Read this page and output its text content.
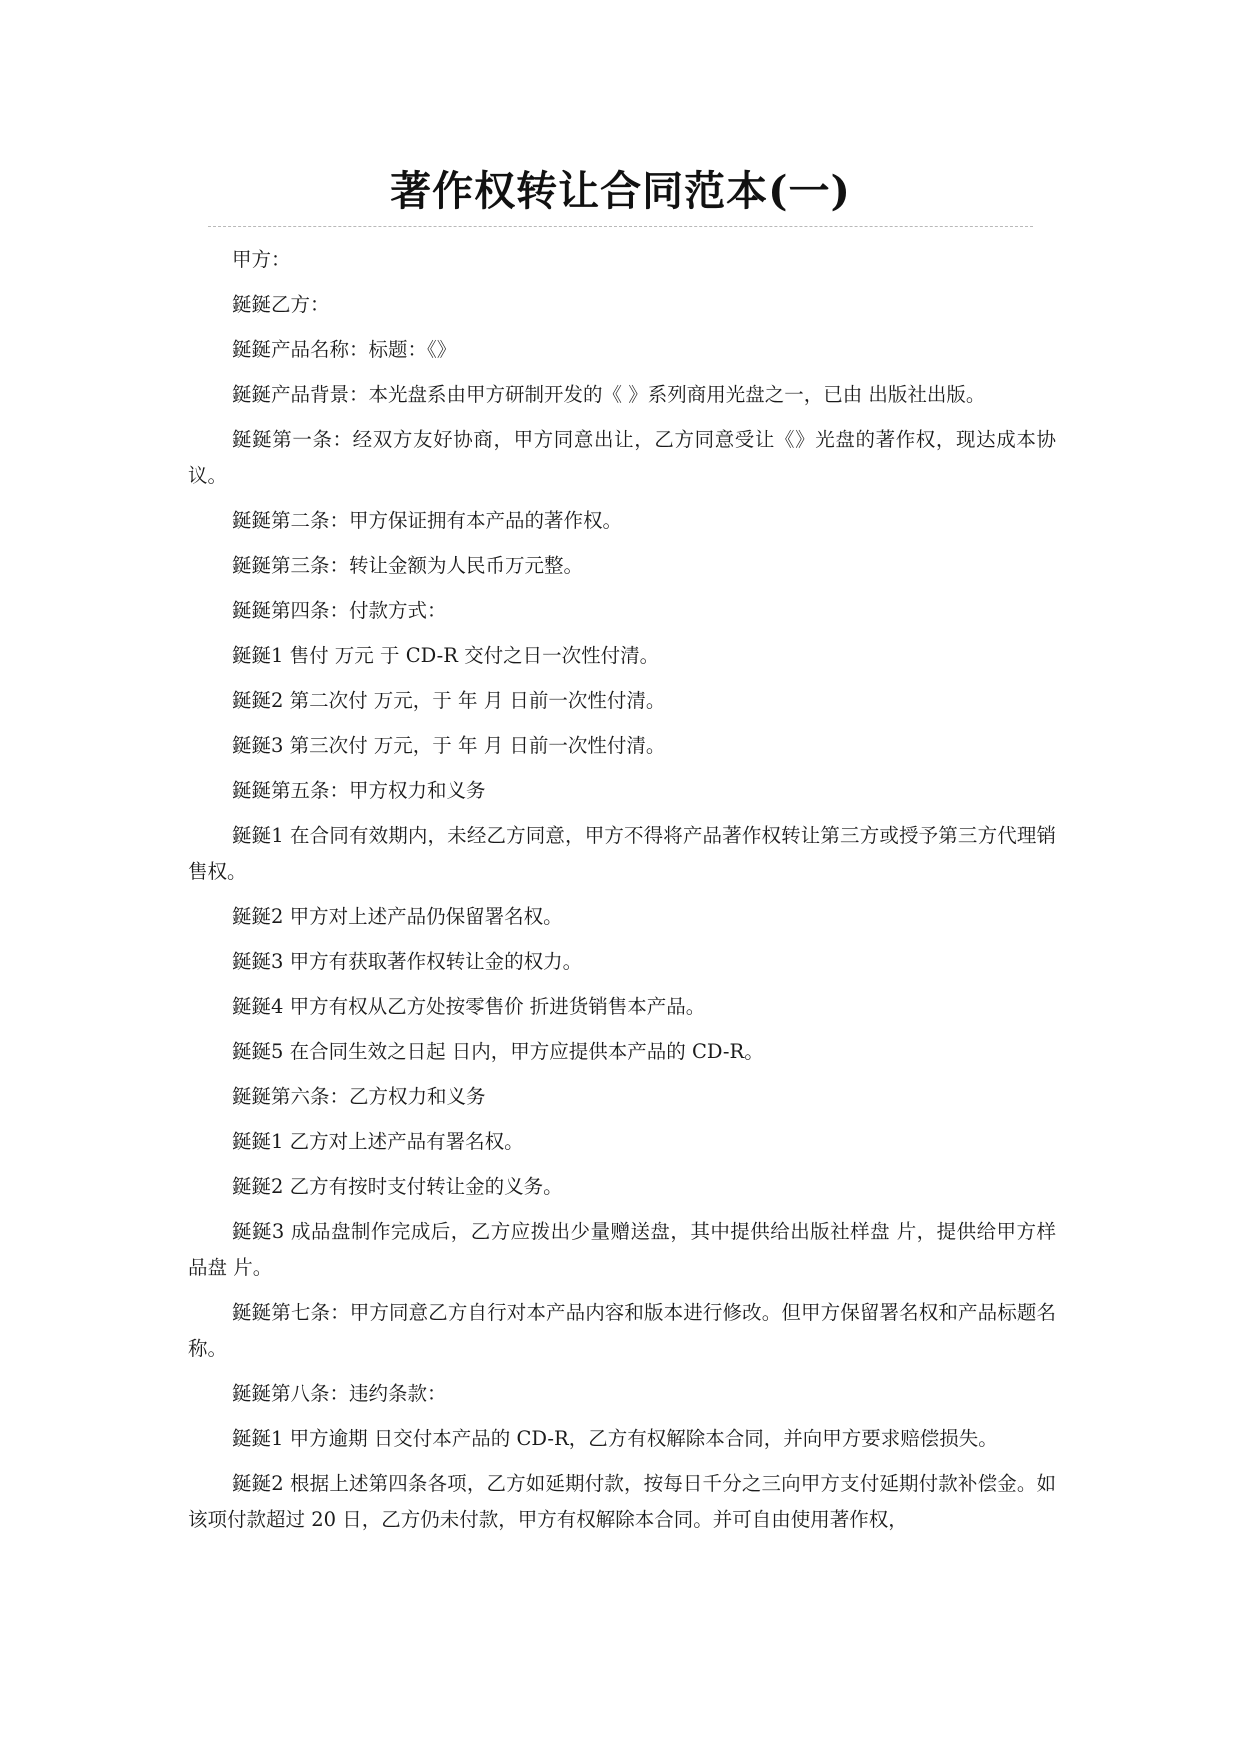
著作权转让合同范本(一)

甲方：

鋋鋋乙方：

鋋鋋产品名称：标题：《》

鋋鋋产品背景：本光盘系由甲方研制开发的《 》系列商用光盘之一，已由 出版社出版。

鋋鋋第一条：经双方友好协商，甲方同意出让，乙方同意受让《》光盘的著作权，现达成本协议。

鋋鋋第二条：甲方保证拥有本产品的著作权。

鋋鋋第三条：转让金额为人民币万元整。

鋋鋋第四条：付款方式：

鋋鋋1 售付 万元 于 CD-R 交付之日一次性付清。

鋋鋋2 第二次付 万元，于 年 月 日前一次性付清。

鋋鋋3 第三次付 万元，于 年 月 日前一次性付清。

鋋鋋第五条：甲方权力和义务

鋋鋋1 在合同有效期内，未经乙方同意，甲方不得将产品著作权转让第三方或授予第三方代理销售权。

鋋鋋2 甲方对上述产品仍保留署名权。

鋋鋋3 甲方有获取著作权转让金的权力。

鋋鋋4 甲方有权从乙方处按零售价 折进货销售本产品。

鋋鋋5 在合同生效之日起 日内，甲方应提供本产品的 CD-R。

鋋鋋第六条：乙方权力和义务

鋋鋋1 乙方对上述产品有署名权。

鋋鋋2 乙方有按时支付转让金的义务。

鋋鋋3 成品盘制作完成后，乙方应拨出少量赠送盘，其中提供给出版社样盘 片，提供给甲方样品盘 片。

鋋鋋第七条：甲方同意乙方自行对本产品内容和版本进行修改。但甲方保留署名权和产品标题名称。

鋋鋋第八条：违约条款：

鋋鋋1 甲方逾期 日交付本产品的 CD-R，乙方有权解除本合同，并向甲方要求赔偿损失。

鋋鋋2 根据上述第四条各项，乙方如延期付款，按每日千分之三向甲方支付延期付款补偿金。如该项付款超过 20 日，乙方仍未付款，甲方有权解除本合同。并可自由使用著作权，
